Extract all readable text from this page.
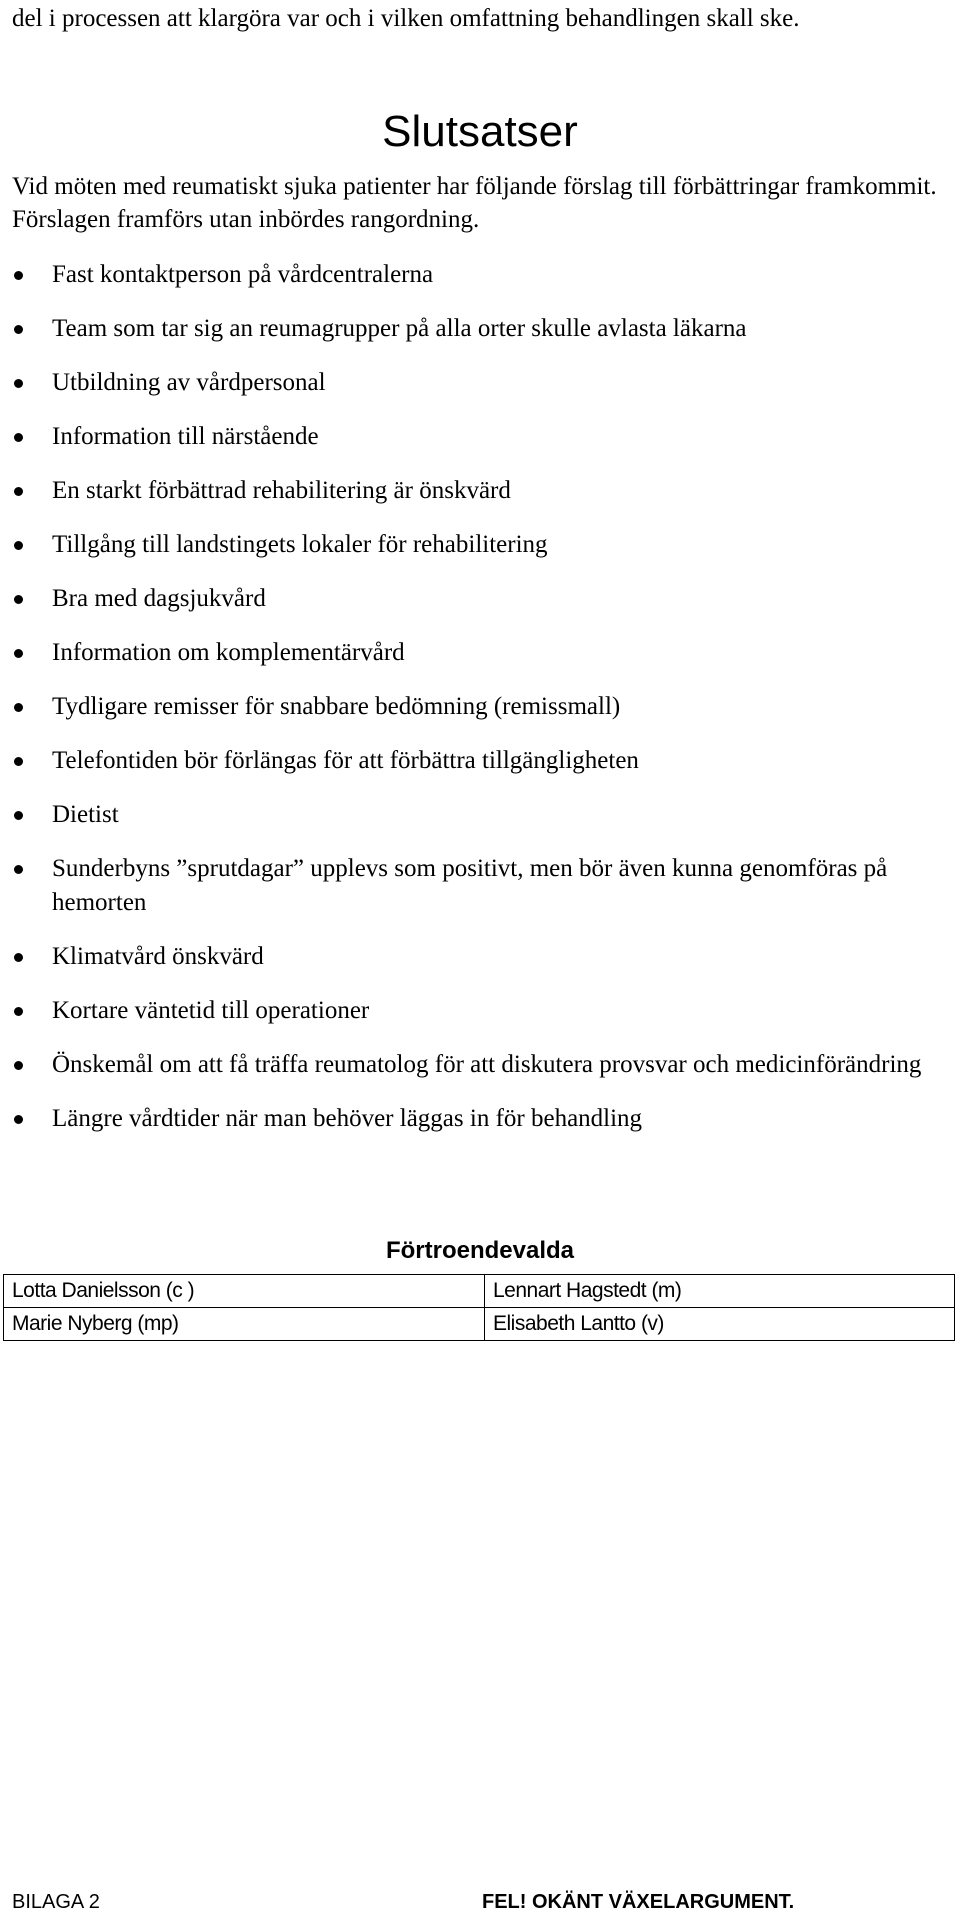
del i processen att klargöra var och i vilken omfattning behandlingen skall ske.
Slutsatser
Vid möten med reumatiskt sjuka patienter har följande förslag till förbättringar framkommit. Förslagen framförs utan inbördes rangordning.
Fast kontaktperson på vårdcentralerna
Team som tar sig an reumagrupper på alla orter skulle avlasta läkarna
Utbildning av vårdpersonal
Information till närstående
En starkt förbättrad rehabilitering är önskvärd
Tillgång till landstingets lokaler för rehabilitering
Bra med dagsjukvård
Information om komplementärvård
Tydligare remisser för snabbare bedömning (remissmall)
Telefontiden bör förlängas för att förbättra tillgängligheten
Dietist
Sunderbyns ”sprutdagar” upplevs som positivt, men bör även kunna genomföras på hemorten
Klimatvård önskvärd
Kortare väntetid till operationer
Önskemål om att få träffa reumatolog för att diskutera provsvar och medicinförändring
Längre vårdtider när man behöver läggas in för behandling
Förtroendevalda
Lotta Danielsson (c )	Lennart Hagstedt (m)
Marie Nyberg (mp)	Elisabeth Lantto (v)
BILAGA 2	FEL! OKÄNT VÄXELARGUMENT.
